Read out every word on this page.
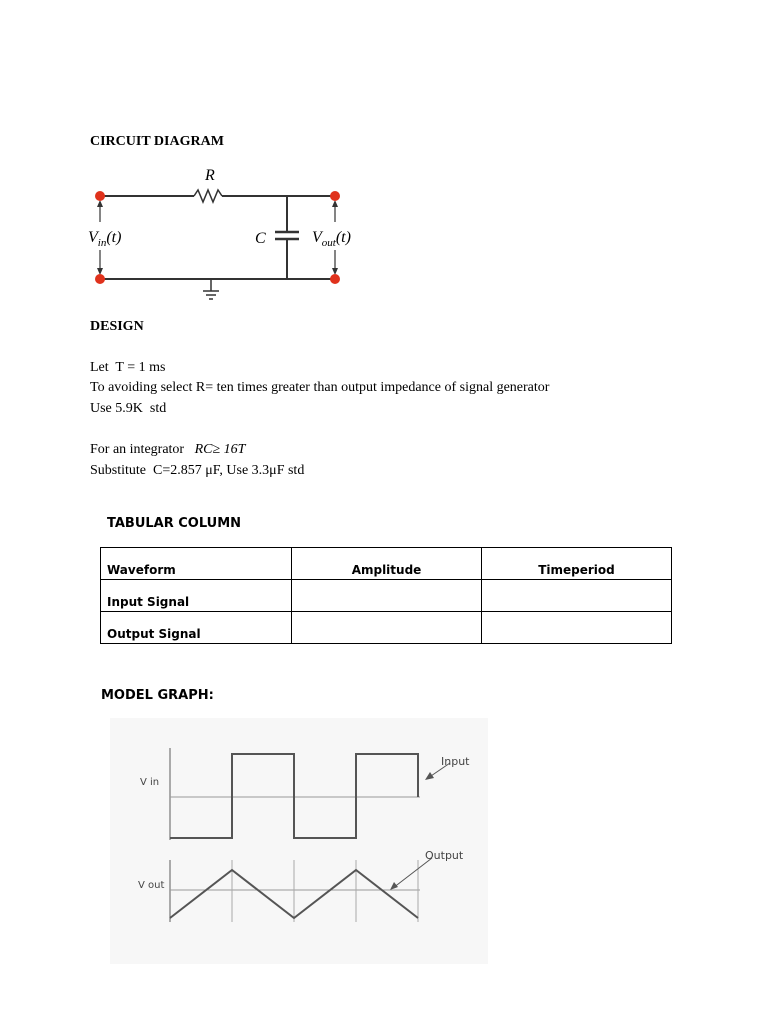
CIRCUIT DIAGRAM
R
C
$V_{in}(t)$	$V_{out}(t)$
DESIGN
Let  T = 1 ms
To avoiding select R= ten times greater than output impedance of signal generator
Use 5.9K  std
For an integrator   RC≥ 16T
Substitute  C=2.857 μF, Use 3.3μF std
TABULAR COLUMN
Waveform	Amplitude	Timeperiod
Input Signal		
Output Signal		
MODEL GRAPH:
V in
V out
Input
Output
